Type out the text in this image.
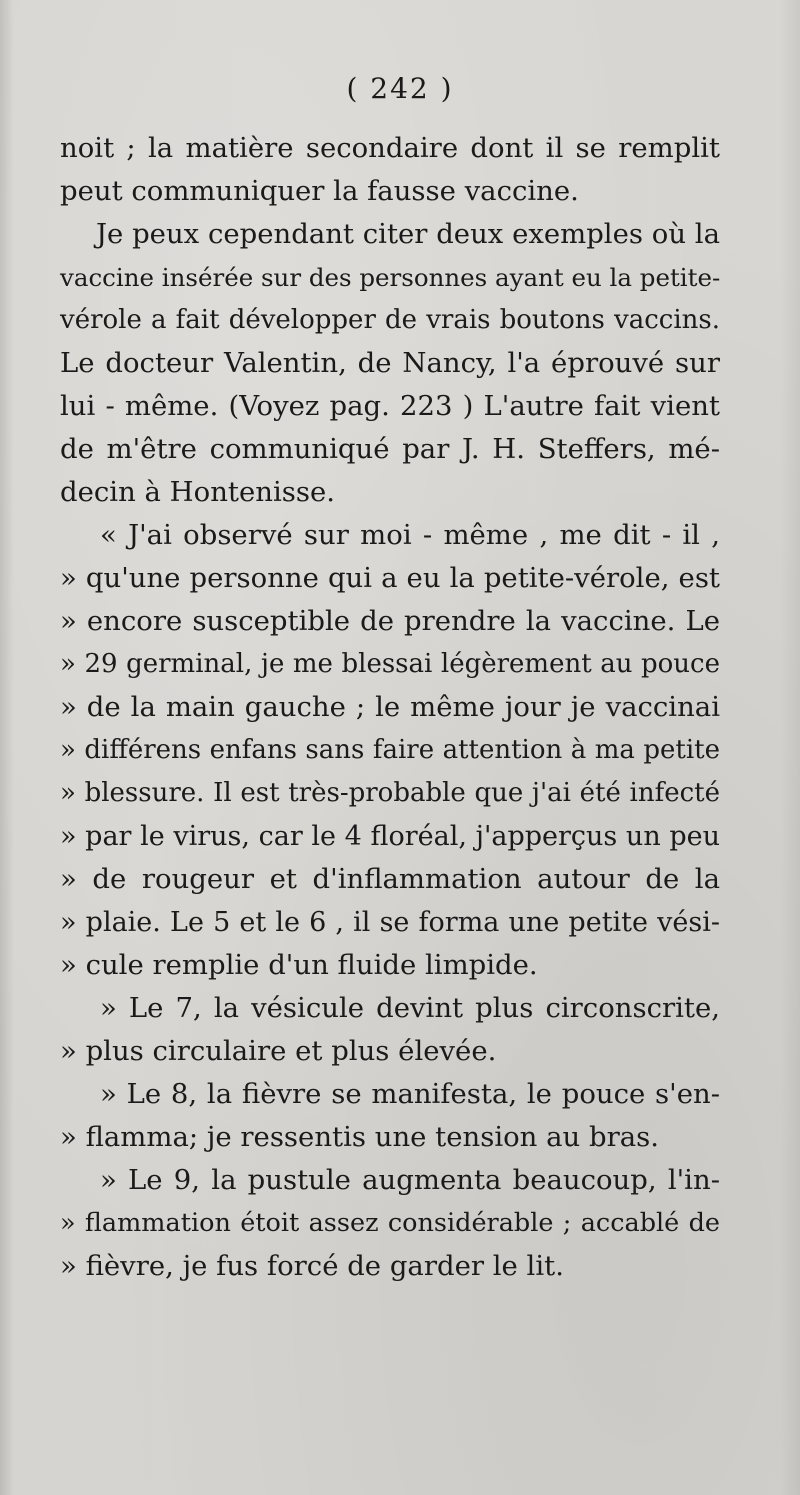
( 242 )
noit ; la matière secondaire dont il se remplit
peut communiquer la fausse vaccine.
Je peux cependant citer deux exemples où la
vaccine insérée sur des personnes ayant eu la petite-
vérole a fait développer de vrais boutons vaccins.
Le docteur Valentin, de Nancy, l'a éprouvé sur
lui - même. (Voyez pag. 223 ) L'autre fait vient
de m'être communiqué par J. H. Steffers, mé-
decin à Hontenisse.
« J'ai observé sur moi - même , me dit - il ,
» qu'une personne qui a eu la petite-vérole, est
» encore susceptible de prendre la vaccine. Le
» 29 germinal, je me blessai légèrement au pouce
» de la main gauche ; le même jour je vaccinai
» différens enfans sans faire attention à ma petite
» blessure. Il est très-probable que j'ai été infecté
» par le virus, car le 4 floréal, j'apperçus un peu
» de rougeur et d'inflammation autour de la
» plaie. Le 5 et le 6 , il se forma une petite vési-
» cule remplie d'un fluide limpide.
» Le 7, la vésicule devint plus circonscrite,
» plus circulaire et plus élevée.
» Le 8, la fièvre se manifesta, le pouce s'en-
» flamma; je ressentis une tension au bras.
» Le 9, la pustule augmenta beaucoup, l'in-
» flammation étoit assez considérable ; accablé de
» fièvre, je fus forcé de garder le lit.
